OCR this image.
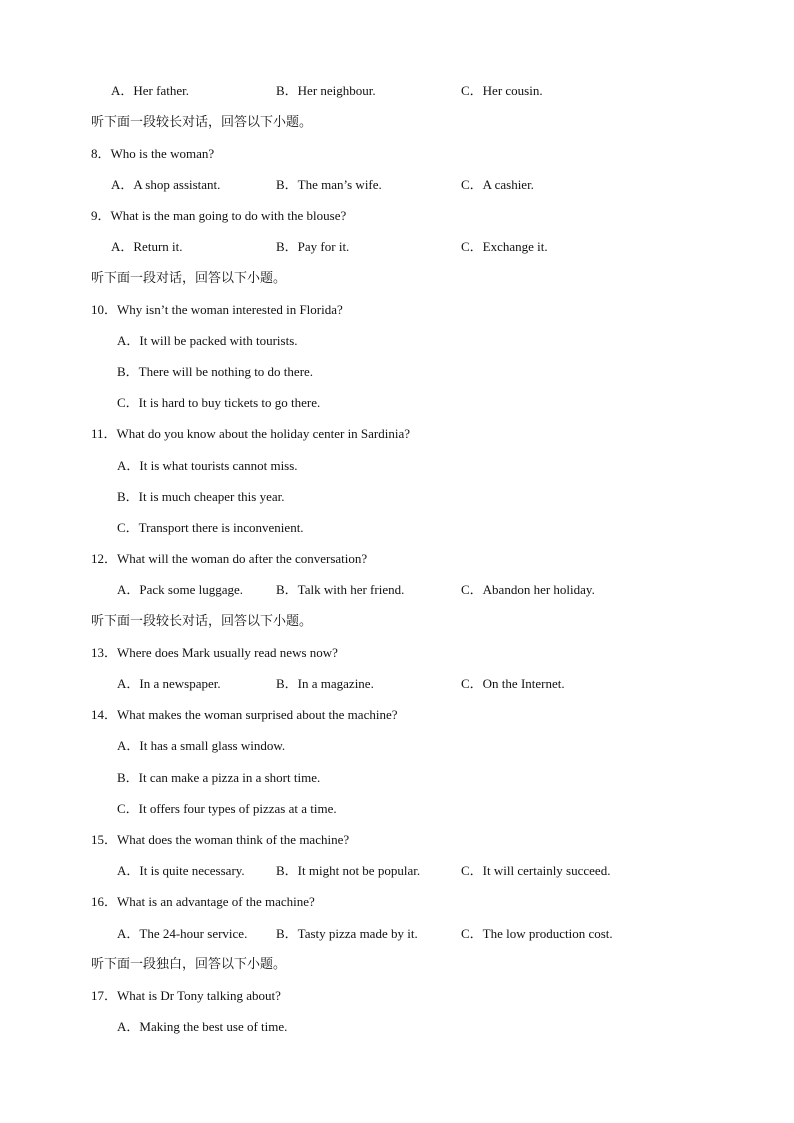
A．Her father.	B．Her neighbour.	C．Her cousin.
听下面一段较长对话，回答以下小题。
8．Who is the woman?
A．A shop assistant.	B．The man’s wife.	C．A cashier.
9．What is the man going to do with the blouse?
A．Return it.	B．Pay for it.	C．Exchange it.
听下面一段对话，回答以下小题。
10．Why isn’t the woman interested in Florida?
A．It will be packed with tourists.
B．There will be nothing to do there.
C．It is hard to buy tickets to go there.
11．What do you know about the holiday center in Sardinia?
A．It is what tourists cannot miss.
B．It is much cheaper this year.
C．Transport there is inconvenient.
12．What will the woman do after the conversation?
A．Pack some luggage.	B．Talk with her friend.	C．Abandon her holiday.
听下面一段较长对话，回答以下小题。
13．Where does Mark usually read news now?
A．In a newspaper.	B．In a magazine.	C．On the Internet.
14．What makes the woman surprised about the machine?
A．It has a small glass window.
B．It can make a pizza in a short time.
C．It offers four types of pizzas at a time.
15．What does the woman think of the machine?
A．It is quite necessary. B．It might not be popular.	C．It will certainly succeed.
16．What is an advantage of the machine?
A．The 24-hour service. B．Tasty pizza made by it.	C．The low production cost.
听下面一段独白，回答以下小题。
17．What is Dr Tony talking about?
A．Making the best use of time.
